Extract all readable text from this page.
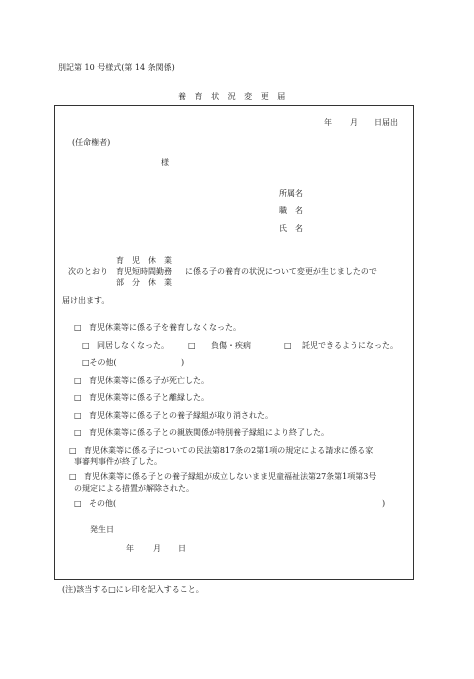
別記第 10 号様式(第 14 条関係)
養 育 状 況 変 更 届
年 月 日届出
(任命権者)
様
所属名
職　名
氏　名
育　児　休　業
次のとおり 育児短時間勤務 に係る子の養育の状況について変更が生じましたので
部　分　休　業
届け出ます。
□ 育児休業等に係る子を養育しなくなった。
□ 同居しなくなった。 □ 負傷・疾病	□ 託児できるようになった。
□その他(	)
□ 育児休業等に係る子が死亡した。
□ 育児休業等に係る子と離縁した。
□ 育児休業等に係る子との養子縁組が取り消された。
□ 育児休業等に係る子との親族関係が特別養子縁組により終了した。
□ 育児休業等に係る子についての民法第817条の2第1項の規定による請求に係る家
事審判事件が終了した。
□ 育児休業等に係る子との養子縁組が成立しないまま児童福祉法第27条第1項第3号
の規定による措置が解除された。
□ その他(	)
発生日
年 月 日
(注)該当する□にレ印を記入すること。
